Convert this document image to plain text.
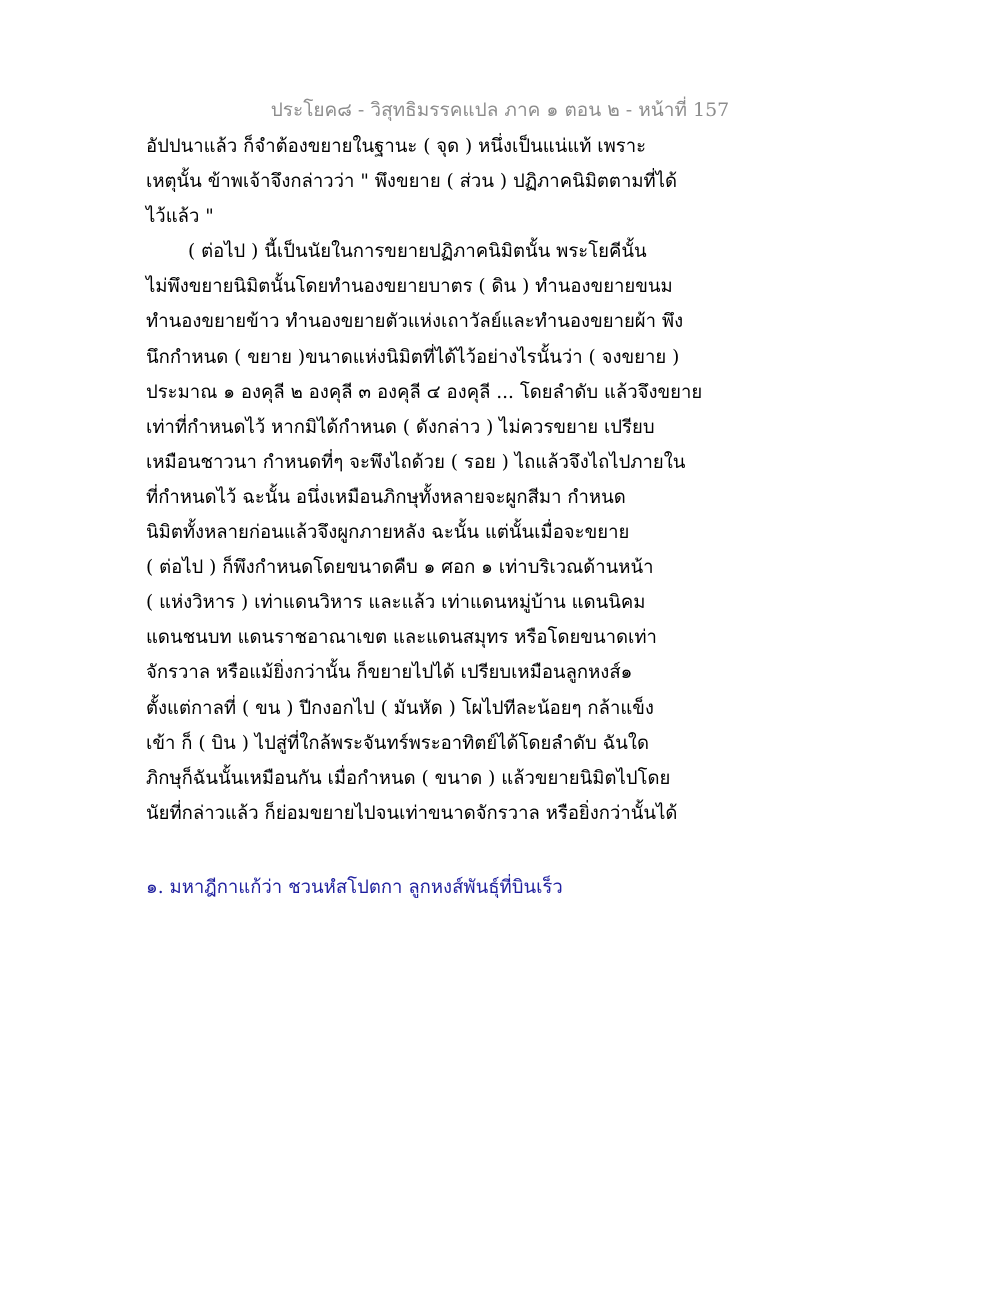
ประโยค๘ - วิสุทธิมรรคแปล ภาค ๑ ตอน ๒ - หน้าที่ 157
อัปปนาแล้ว ก็จำต้องขยายในฐานะ ( จุด ) หนึ่งเป็นแน่แท้ เพราะ
เหตุนั้น ข้าพเจ้าจึงกล่าวว่า " พึงขยาย ( ส่วน ) ปฏิภาคนิมิตตามที่ได้
ไว้แล้ว "
( ต่อไป ) นี้เป็นนัยในการขยายปฏิภาคนิมิตนั้น พระโยคีนั้น
ไม่พึงขยายนิมิตนั้นโดยทำนองขยายบาตร ( ดิน ) ทำนองขยายขนม
ทำนองขยายข้าว ทำนองขยายตัวแห่งเถาวัลย์และทำนองขยายผ้า พึง
นึกกำหนด ( ขยาย )ขนาดแห่งนิมิตที่ได้ไว้อย่างไรนั้นว่า ( จงขยาย )
ประมาณ ๑ องคุลี ๒ องคุลี ๓ องคุลี ๔ องคุลี ... โดยลำดับ แล้วจึงขยาย
เท่าที่กำหนดไว้ หากมิได้กำหนด ( ดังกล่าว ) ไม่ควรขยาย เปรียบ
เหมือนชาวนา กำหนดที่ๆ จะพึงไถด้วย ( รอย ) ไถแล้วจึงไถไปภายใน
ที่กำหนดไว้ ฉะนั้น อนึ่งเหมือนภิกษุทั้งหลายจะผูกสีมา กำหนด
นิมิตทั้งหลายก่อนแล้วจึงผูกภายหลัง ฉะนั้น แต่นั้นเมื่อจะขยาย
( ต่อไป ) ก็พึงกำหนดโดยขนาดคืบ ๑ ศอก ๑ เท่าบริเวณด้านหน้า
( แห่งวิหาร ) เท่าแดนวิหาร และแล้ว เท่าแดนหมู่บ้าน แดนนิคม
แดนชนบท แดนราชอาณาเขต และแดนสมุทร หรือโดยขนาดเท่า
จักรวาล หรือแม้ยิ่งกว่านั้น ก็ขยายไปได้ เปรียบเหมือนลูกหงส์๑
ตั้งแต่กาลที่ ( ขน ) ปีกงอกไป ( มันหัด ) โผไปทีละน้อยๆ กล้าแข็ง
เข้า ก็ ( บิน ) ไปสู่ที่ใกล้พระจันทร์พระอาทิตย์ได้โดยลำดับ ฉันใด
ภิกษุก็ฉันนั้นเหมือนกัน เมื่อกำหนด ( ขนาด ) แล้วขยายนิมิตไปโดย
นัยที่กล่าวแล้ว ก็ย่อมขยายไปจนเท่าขนาดจักรวาล หรือยิ่งกว่านั้นได้
๑. มหาฎีกาแก้ว่า ชวนหํสโปตกา ลูกหงส์พันธุ์ที่บินเร็ว
